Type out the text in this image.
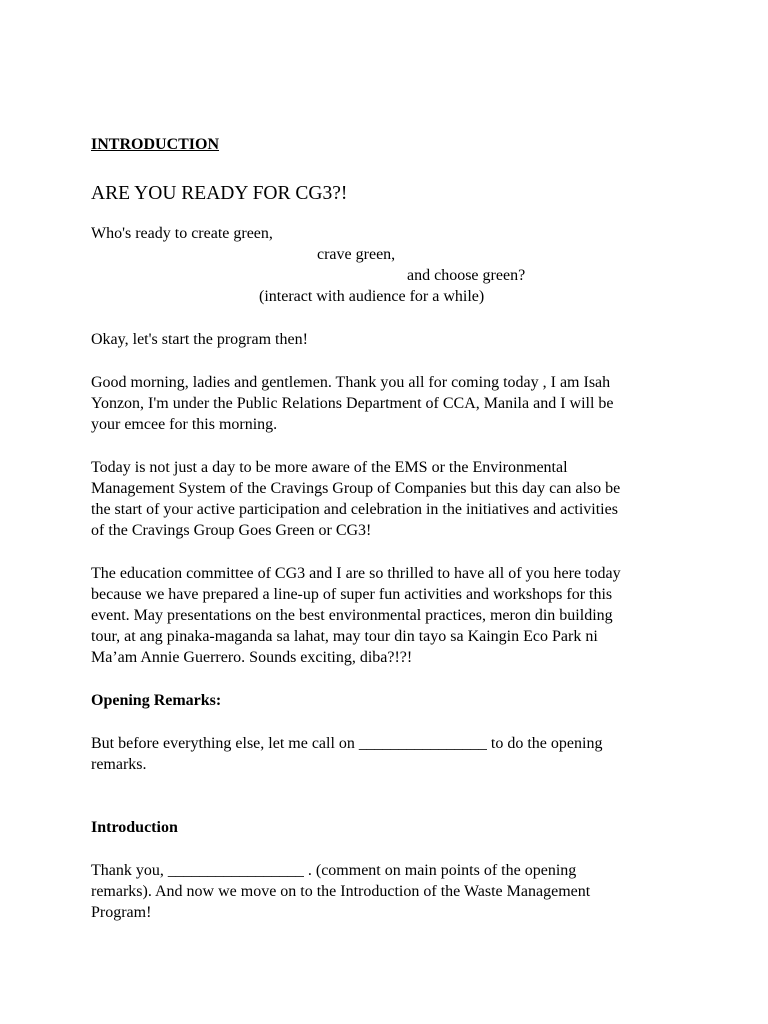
INTRODUCTION

ARE YOU READY FOR CG3?!

Who's ready to create green,

crave green,

and choose green?

(interact with audience for a while)

Okay, let's start the program then!

Good morning, ladies and gentlemen. Thank you all for coming today , I am Isah

Yonzon, I'm under the Public Relations Department of CCA, Manila and I will be

your emcee for this morning.

Today is not just a day to be more aware of the EMS or the Environmental

Management System of the Cravings Group of Companies but this day can also be

the start of your active participation and celebration in the initiatives and activities

of the Cravings Group Goes Green or CG3!

The education committee of CG3 and I are so thrilled to have all of you here today

because we have prepared a line-up of super fun activities and workshops for this

event. May presentations on the best environmental practices, meron din building

tour, at ang pinaka-maganda sa lahat, may tour din tayo sa Kaingin Eco Park ni

Ma’am Annie Guerrero. Sounds exciting, diba?!?!

Opening Remarks:

But before everything else, let me call on ________________ to do the opening

remarks.

Introduction

Thank you, _________________ . (comment on main points of the opening

remarks). And now we move on to the Introduction of the Waste Management

Program!
